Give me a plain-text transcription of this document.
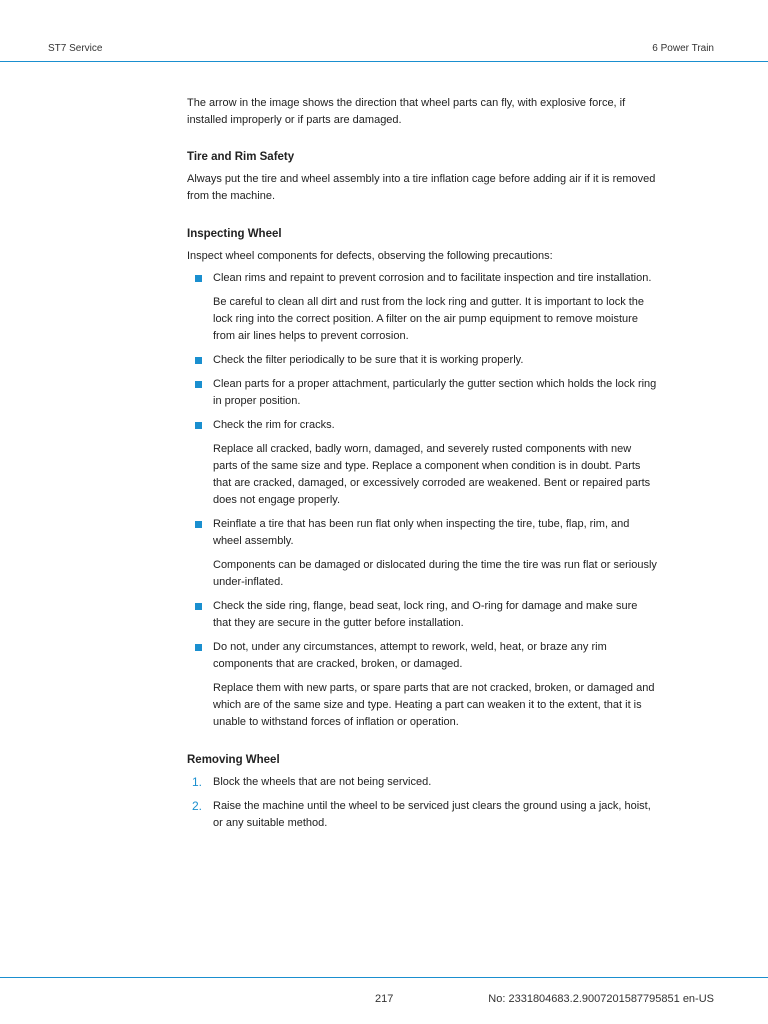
ST7 Service	6 Power Train

The arrow in the image shows the direction that wheel parts can fly, with explosive force, if installed improperly or if parts are damaged.

Tire and Rim Safety

Always put the tire and wheel assembly into a tire inflation cage before adding air if it is removed from the machine.

Inspecting Wheel

Inspect wheel components for defects, observing the following precautions:

Clean rims and repaint to prevent corrosion and to facilitate inspection and tire installation.

Be careful to clean all dirt and rust from the lock ring and gutter. It is important to lock the lock ring into the correct position. A filter on the air pump equipment to remove moisture from air lines helps to prevent corrosion.

Check the filter periodically to be sure that it is working properly.

Clean parts for a proper attachment, particularly the gutter section which holds the lock ring in proper position.

Check the rim for cracks.

Replace all cracked, badly worn, damaged, and severely rusted components with new parts of the same size and type. Replace a component when condition is in doubt. Parts that are cracked, damaged, or excessively corroded are weakened. Bent or repaired parts does not engage properly.

Reinflate a tire that has been run flat only when inspecting the tire, tube, flap, rim, and wheel assembly.

Components can be damaged or dislocated during the time the tire was run flat or seriously under-inflated.

Check the side ring, flange, bead seat, lock ring, and O-ring for damage and make sure that they are secure in the gutter before installation.

Do not, under any circumstances, attempt to rework, weld, heat, or braze any rim components that are cracked, broken, or damaged.

Replace them with new parts, or spare parts that are not cracked, broken, or damaged and which are of the same size and type. Heating a part can weaken it to the extent, that it is unable to withstand forces of inflation or operation.

Removing Wheel
1. Block the wheels that are not being serviced.

2. Raise the machine until the wheel to be serviced just clears the ground using a jack, hoist, or any suitable method.

217	No: 2331804683.2.9007201587795851 en-US
